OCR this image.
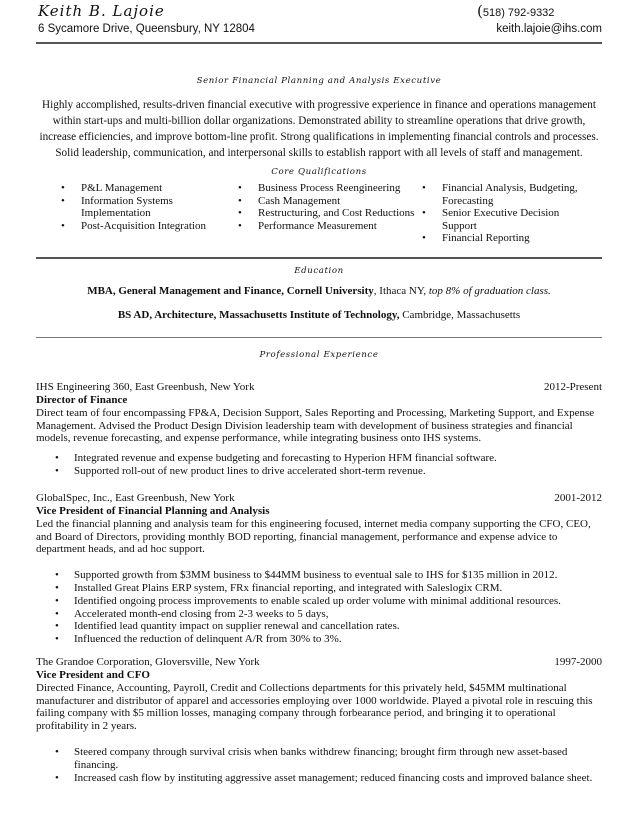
Keith B. Lajoie	(518) 792-9332
6 Sycamore Drive, Queensbury, NY 12804	keith.lajoie@ihs.com
Senior Financial Planning and Analysis Executive
Highly accomplished, results-driven financial executive with progressive experience in finance and operations management
within start-ups and multi-billion dollar organizations. Demonstrated ability to streamline operations that drive growth,
increase efficiencies, and improve bottom-line profit. Strong qualifications in implementing financial controls and processes.
Solid leadership, communication, and interpersonal skills to establish rapport with all levels of staff and management.
Core Qualifications
• P&L Management
• Information Systems Implementation
• Post-Acquisition Integration
• Business Process Reengineering
• Cash Management
• Restructuring, and Cost Reductions
• Performance Measurement
• Financial Analysis, Budgeting, Forecasting
• Senior Executive Decision Support
• Financial Reporting
Education
MBA, General Management and Finance, Cornell University, Ithaca NY, top 8% of graduation class.
BS AD, Architecture, Massachusetts Institute of Technology, Cambridge, Massachusetts
Professional Experience
IHS Engineering 360, East Greenbush, New York	2012-Present
Director of Finance
Direct team of four encompassing FP&A, Decision Support, Sales Reporting and Processing, Marketing Support, and Expense Management. Advised the Product Design Division leadership team with development of business strategies and financial models, revenue forecasting, and expense performance, while integrating business onto IHS systems.
• Integrated revenue and expense budgeting and forecasting to Hyperion HFM financial software.
• Supported roll-out of new product lines to drive accelerated short-term revenue.
GlobalSpec, Inc., East Greenbush, New York	2001-2012
Vice President of Financial Planning and Analysis
Led the financial planning and analysis team for this engineering focused, internet media company supporting the CFO, CEO, and Board of Directors, providing monthly BOD reporting, financial management, performance and expense advice to department heads, and ad hoc support.
• Supported growth from $3MM business to $44MM business to eventual sale to IHS for $135 million in 2012.
• Installed Great Plains ERP system, FRx financial reporting, and integrated with Saleslogix CRM.
• Identified ongoing process improvements to enable scaled up order volume with minimal additional resources.
• Accelerated month-end closing from 2-3 weeks to 5 days,
• Identified lead quantity impact on supplier renewal and cancellation rates.
• Influenced the reduction of delinquent A/R from 30% to 3%.
The Grandoe Corporation, Gloversville, New York	1997-2000
Vice President and CFO
Directed Finance, Accounting, Payroll, Credit and Collections departments for this privately held, $45MM multinational manufacturer and distributor of apparel and accessories employing over 1000 worldwide. Played a pivotal role in rescuing this failing company with $5 million losses, managing company through forbearance period, and bringing it to operational profitability in 2 years.
• Steered company through survival crisis when banks withdrew financing; brought firm through new asset-based financing.
• Increased cash flow by instituting aggressive asset management; reduced financing costs and improved balance sheet.
